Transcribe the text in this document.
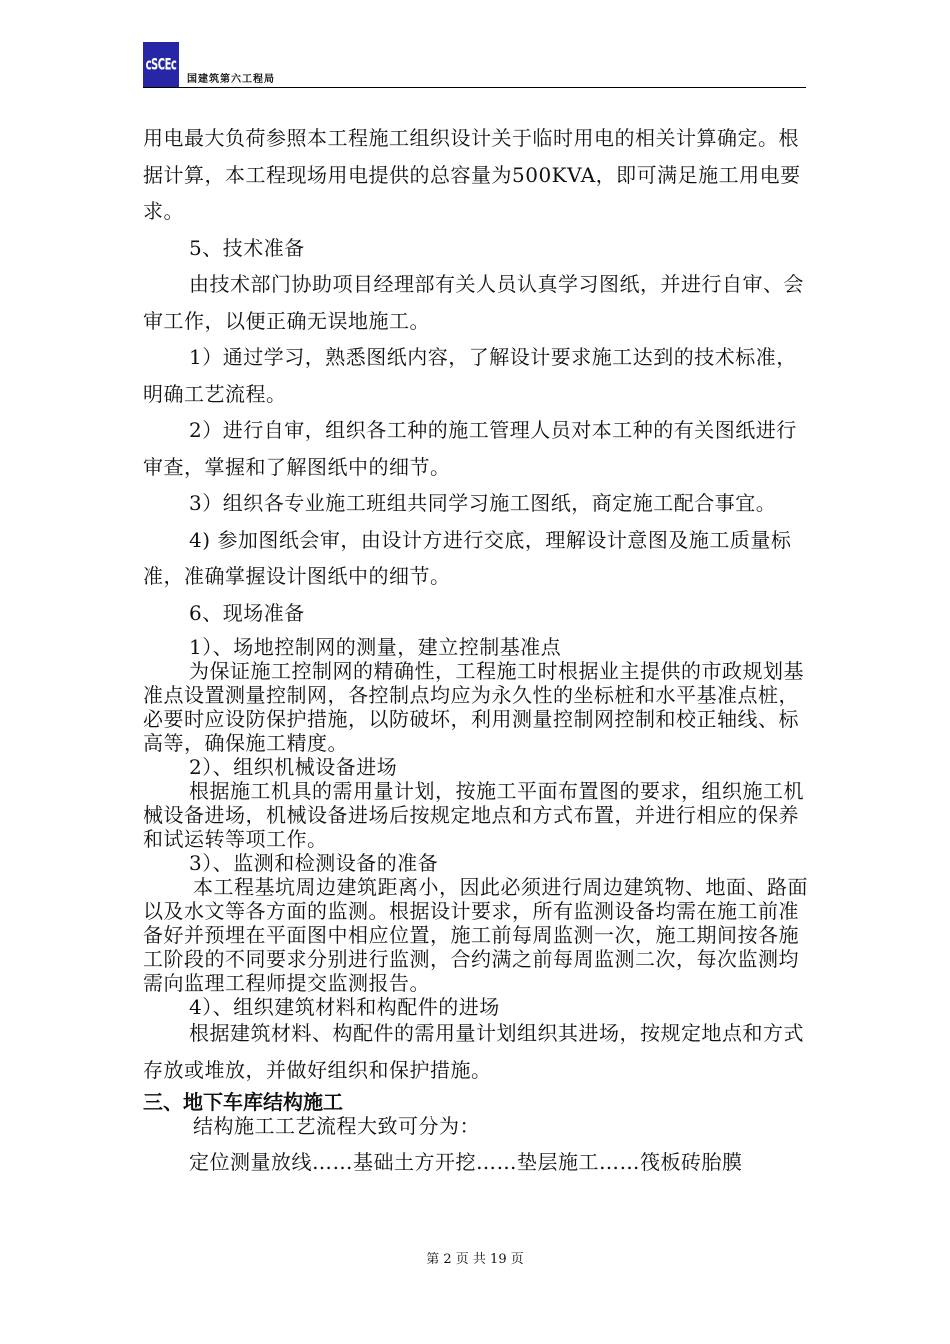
cSCEc
国建筑第六工程局

用电最大负荷参照本工程施工组织设计关于临时用电的相关计算确定。根据计算，本工程现场用电提供的总容量为500KVA，即可满足施工用电要求。

5、技术准备

由技术部门协助项目经理部有关人员认真学习图纸，并进行自审、会审工作，以便正确无误地施工。

1）通过学习，熟悉图纸内容，了解设计要求施工达到的技术标准，明确工艺流程。

2）进行自审，组织各工种的施工管理人员对本工种的有关图纸进行审查，掌握和了解图纸中的细节。

3）组织各专业施工班组共同学习施工图纸，商定施工配合事宜。

4) 参加图纸会审，由设计方进行交底，理解设计意图及施工质量标准，准确掌握设计图纸中的细节。

6、现场准备

1）、场地控制网的测量，建立控制基准点

为保证施工控制网的精确性，工程施工时根据业主提供的市政规划基准点设置测量控制网，各控制点均应为永久性的坐标桩和水平基准点桩，必要时应设防保护措施，以防破坏，利用测量控制网控制和校正轴线、标高等，确保施工精度。

2）、组织机械设备进场

根据施工机具的需用量计划，按施工平面布置图的要求，组织施工机械设备进场，机械设备进场后按规定地点和方式布置，并进行相应的保养和试运转等项工作。

3）、监测和检测设备的准备

本工程基坑周边建筑距离小，因此必须进行周边建筑物、地面、路面以及水文等各方面的监测。根据设计要求，所有监测设备均需在施工前准备好并预埋在平面图中相应位置，施工前每周监测一次，施工期间按各施工阶段的不同要求分别进行监测，合约满之前每周监测二次，每次监测均需向监理工程师提交监测报告。

4）、组织建筑材料和构配件的进场

根据建筑材料、构配件的需用量计划组织其进场，按规定地点和方式存放或堆放，并做好组织和保护措施。

三、地下车库结构施工

结构施工工艺流程大致可分为：

定位测量放线……基础土方开挖……垫层施工……筏板砖胎膜

第 2 页 共 19 页
